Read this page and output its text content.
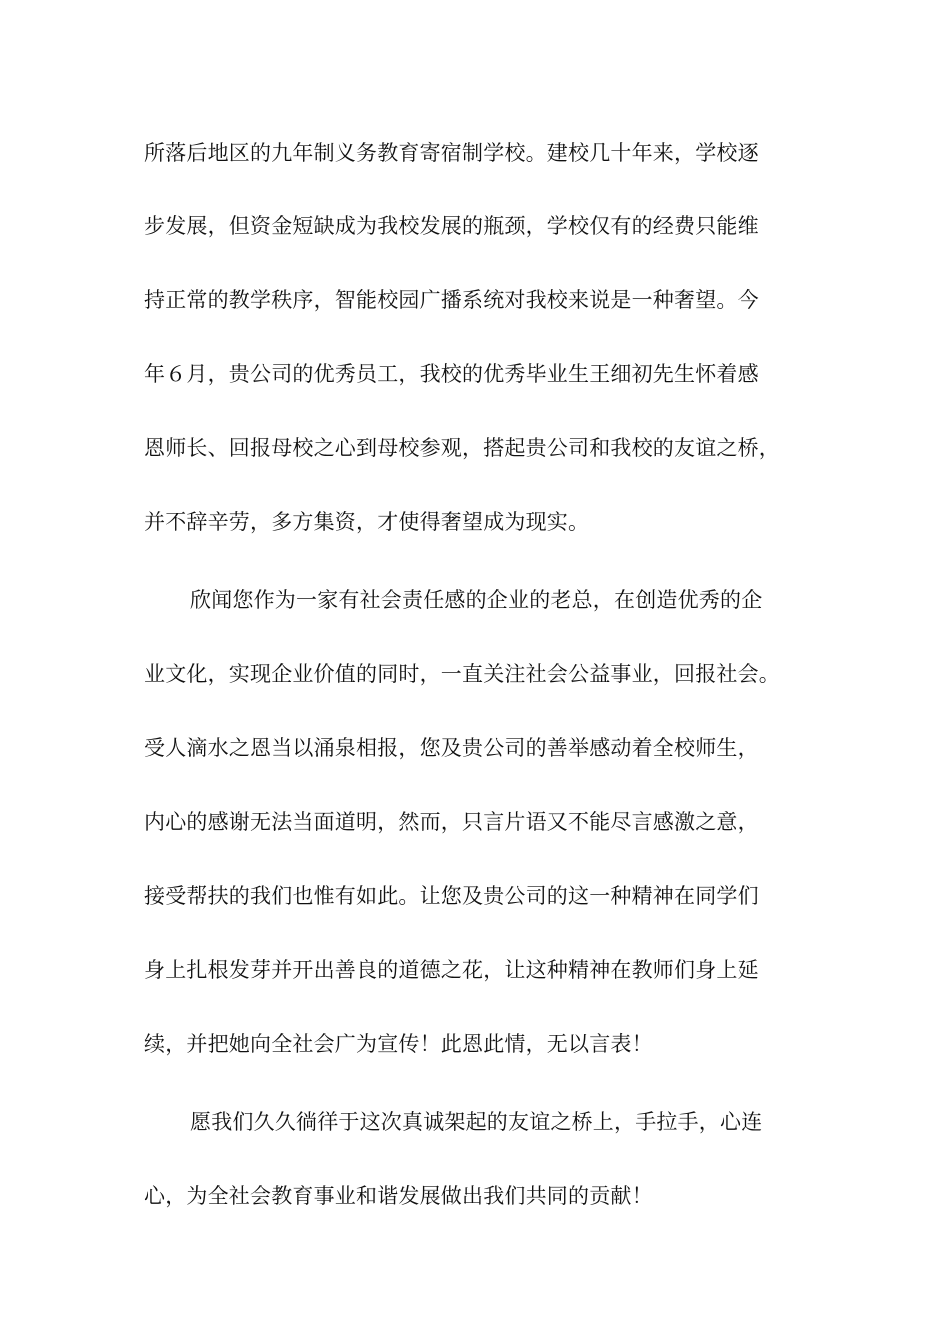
所落后地区的九年制义务教育寄宿制学校。建校几十年来，学校逐
步发展，但资金短缺成为我校发展的瓶颈，学校仅有的经费只能维
持正常的教学秩序，智能校园广播系统对我校来说是一种奢望。今
年６月，贵公司的优秀员工，我校的优秀毕业生王细初先生怀着感
恩师长、回报母校之心到母校参观，搭起贵公司和我校的友谊之桥，
并不辞辛劳，多方集资，才使得奢望成为现实。
欣闻您作为一家有社会责任感的企业的老总，在创造优秀的企
业文化，实现企业价值的同时，一直关注社会公益事业，回报社会。
受人滴水之恩当以涌泉相报，您及贵公司的善举感动着全校师生，
内心的感谢无法当面道明，然而，只言片语又不能尽言感激之意，
接受帮扶的我们也惟有如此。让您及贵公司的这一种精神在同学们
身上扎根发芽并开出善良的道德之花，让这种精神在教师们身上延
续，并把她向全社会广为宣传！此恩此情，无以言表！
愿我们久久徜徉于这次真诚架起的友谊之桥上，手拉手，心连
心，为全社会教育事业和谐发展做出我们共同的贡献！
